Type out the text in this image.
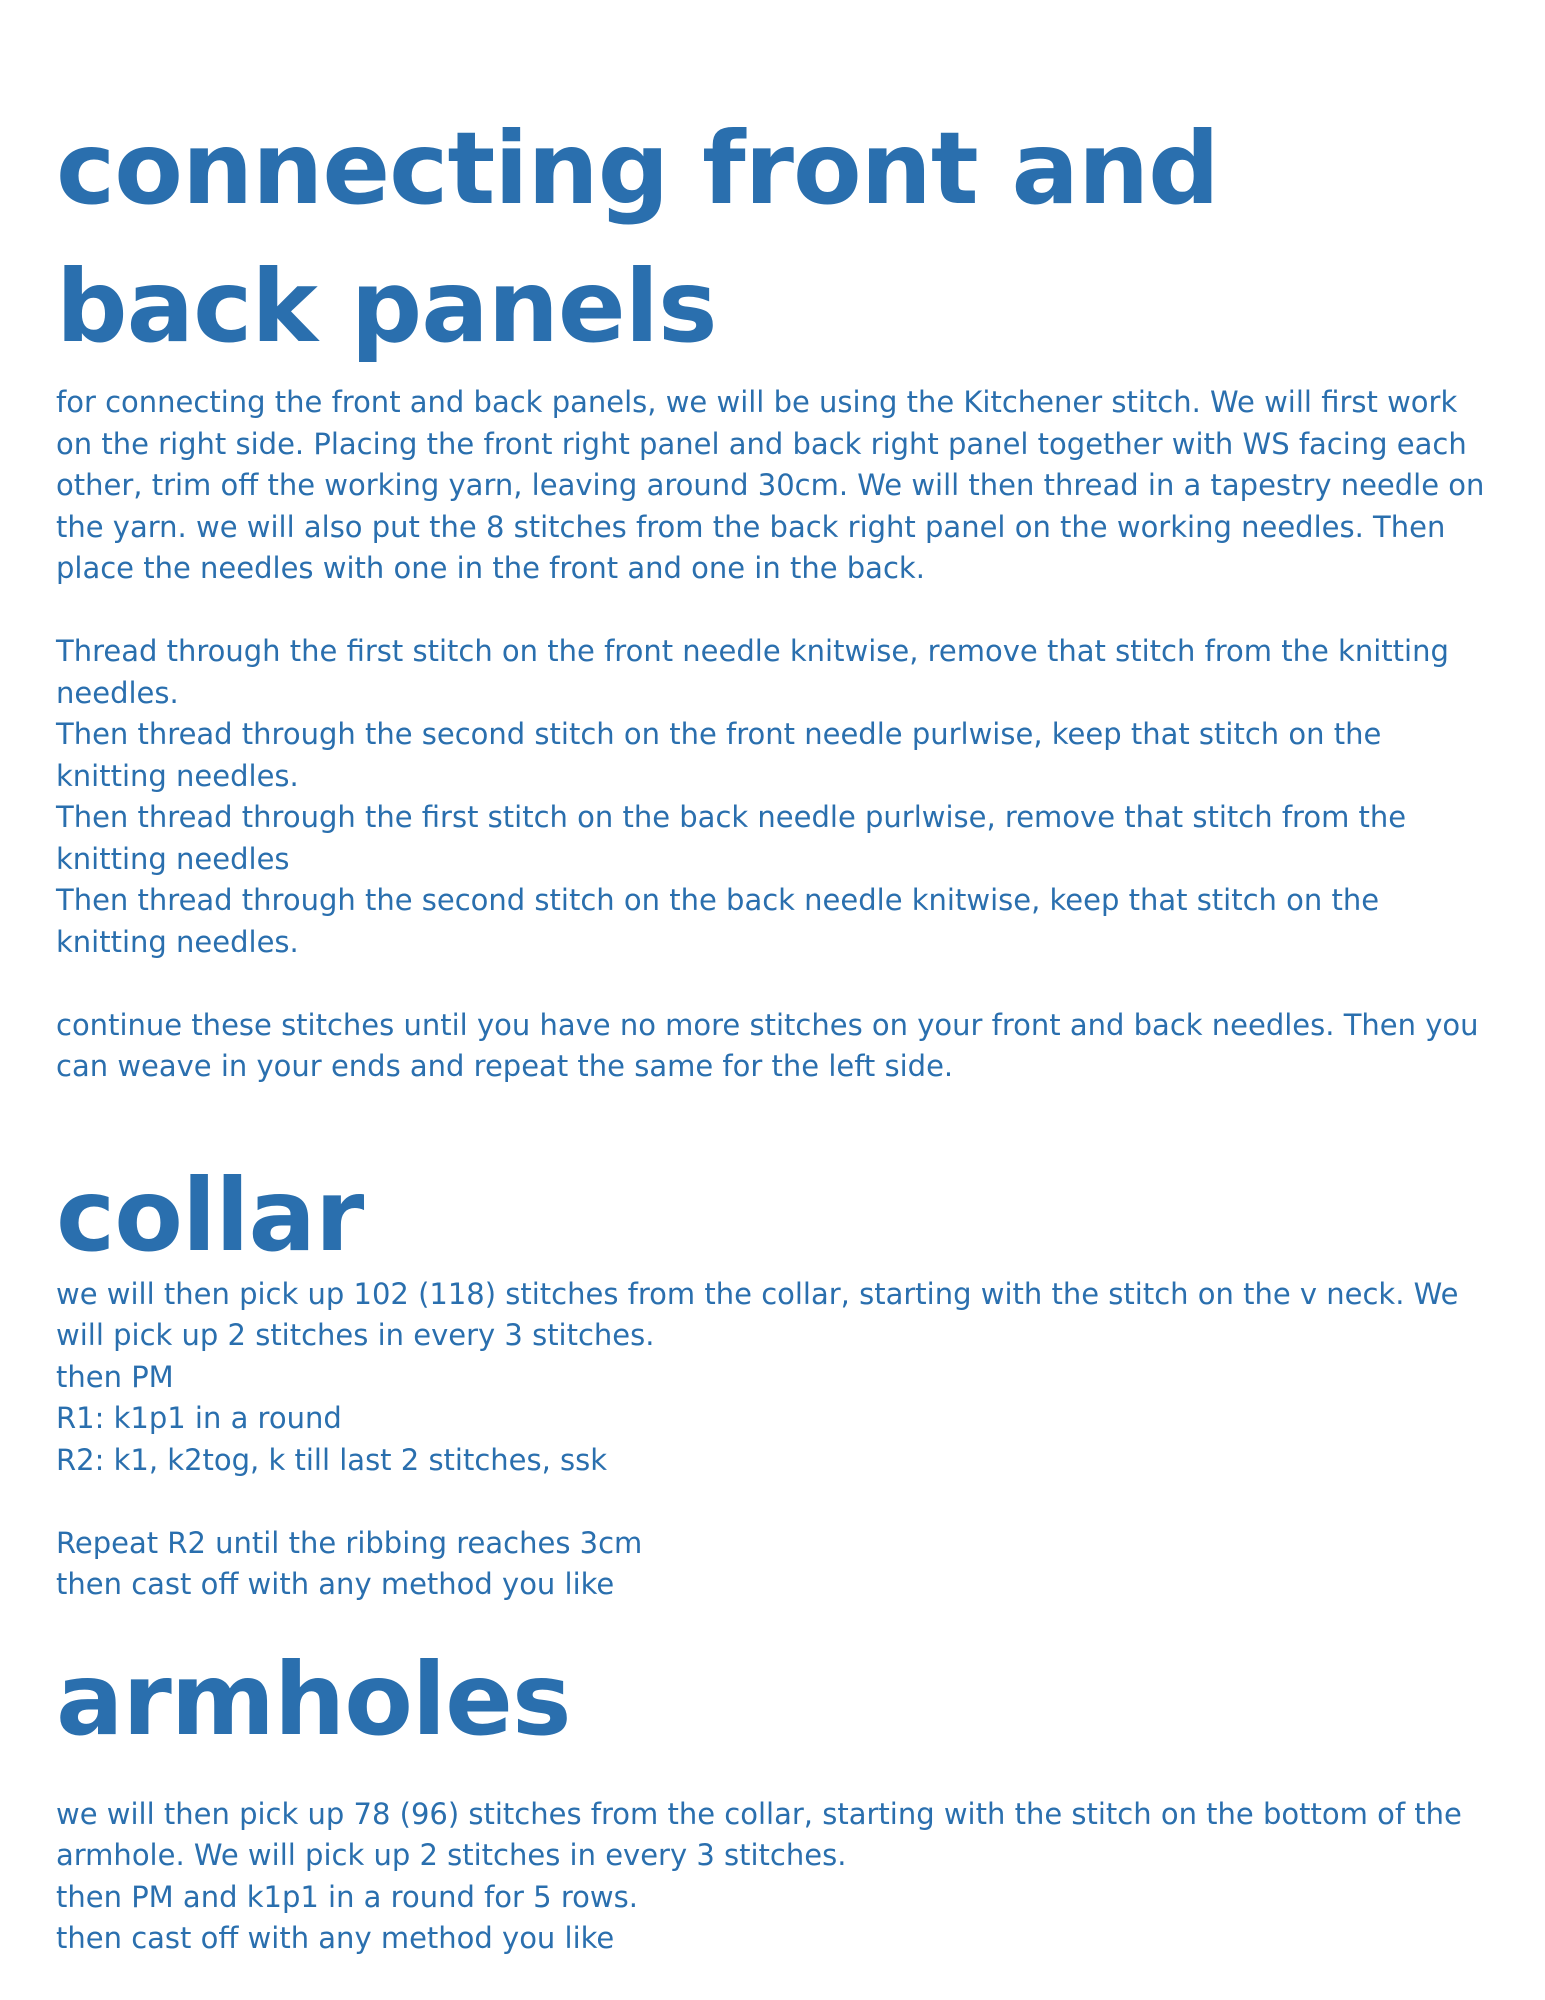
connecting front and back panels

for connecting the front and back panels, we will be using the Kitchener stitch. We will first work on the right side. Placing the front right panel and back right panel together with WS facing each other, trim off the working yarn, leaving around 30cm. We will then thread in a tapestry needle on the yarn. we will also put the 8 stitches from the back right panel on the working needles. Then place the needles with one in the front and one in the back.

Thread through the first stitch on the front needle knitwise, remove that stitch from the knitting needles.

Then thread through the second stitch on the front needle purlwise, keep that stitch on the knitting needles.

Then thread through the first stitch on the back needle purlwise, remove that stitch from the knitting needles

Then thread through the second stitch on the back needle knitwise, keep that stitch on the knitting needles.

continue these stitches until you have no more stitches on your front and back needles. Then you can weave in your ends and repeat the same for the left side.

collar

we will then pick up 102 (118) stitches from the collar, starting with the stitch on the v neck. We will pick up 2 stitches in every 3 stitches.

then PM

R1: k1p1 in a round

R2: k1, k2tog, k till last 2 stitches, ssk

Repeat R2 until the ribbing reaches 3cm

then cast off with any method you like

armholes

we will then pick up 78 (96) stitches from the collar, starting with the stitch on the bottom of the armhole. We will pick up 2 stitches in every 3 stitches.

then PM and k1p1 in a round for 5 rows.

then cast off with any method you like
